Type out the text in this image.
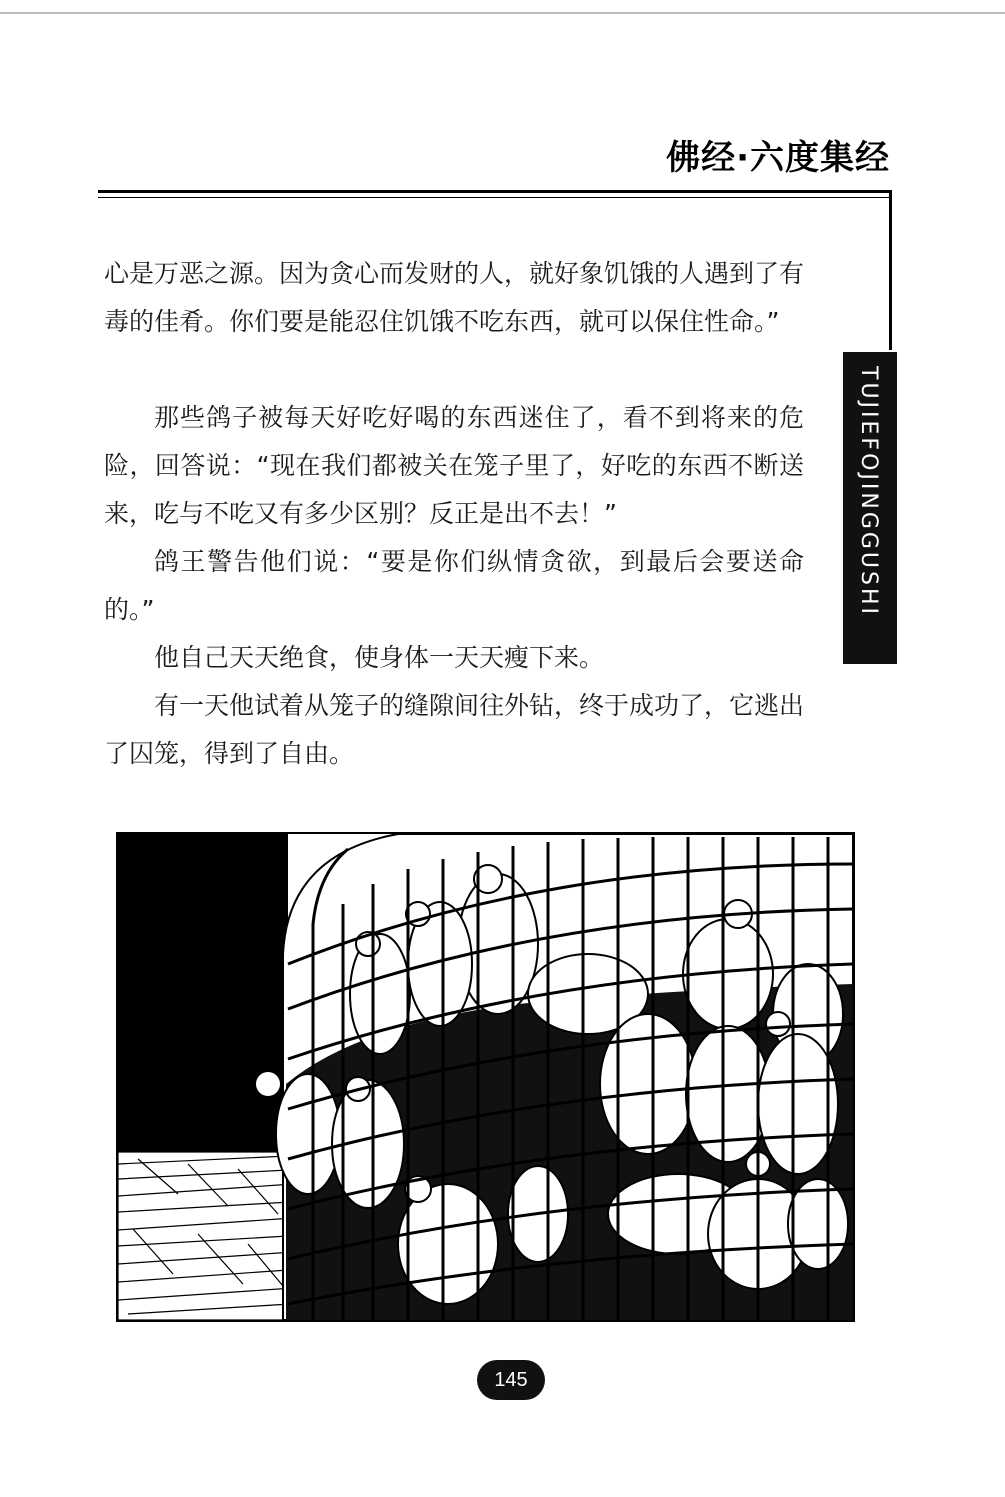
佛经·六度集经
TUJIEFOJINGGUSHI

心是万恶之源。因为贪心而发财的人，就好象饥饿的人遇到了有毒的佳肴。你们要是能忍住饥饿不吃东西，就可以保住性命。”

那些鸽子被每天好吃好喝的东西迷住了，看不到将来的危险，回答说：“现在我们都被关在笼子里了，好吃的东西不断送来，吃与不吃又有多少区别？反正是出不去！”

鸽王警告他们说：“要是你们纵情贪欲，到最后会要送命的。”

他自己天天绝食，使身体一天天瘦下来。

有一天他试着从笼子的缝隙间往外钻，终于成功了，它逃出了囚笼，得到了自由。

145
